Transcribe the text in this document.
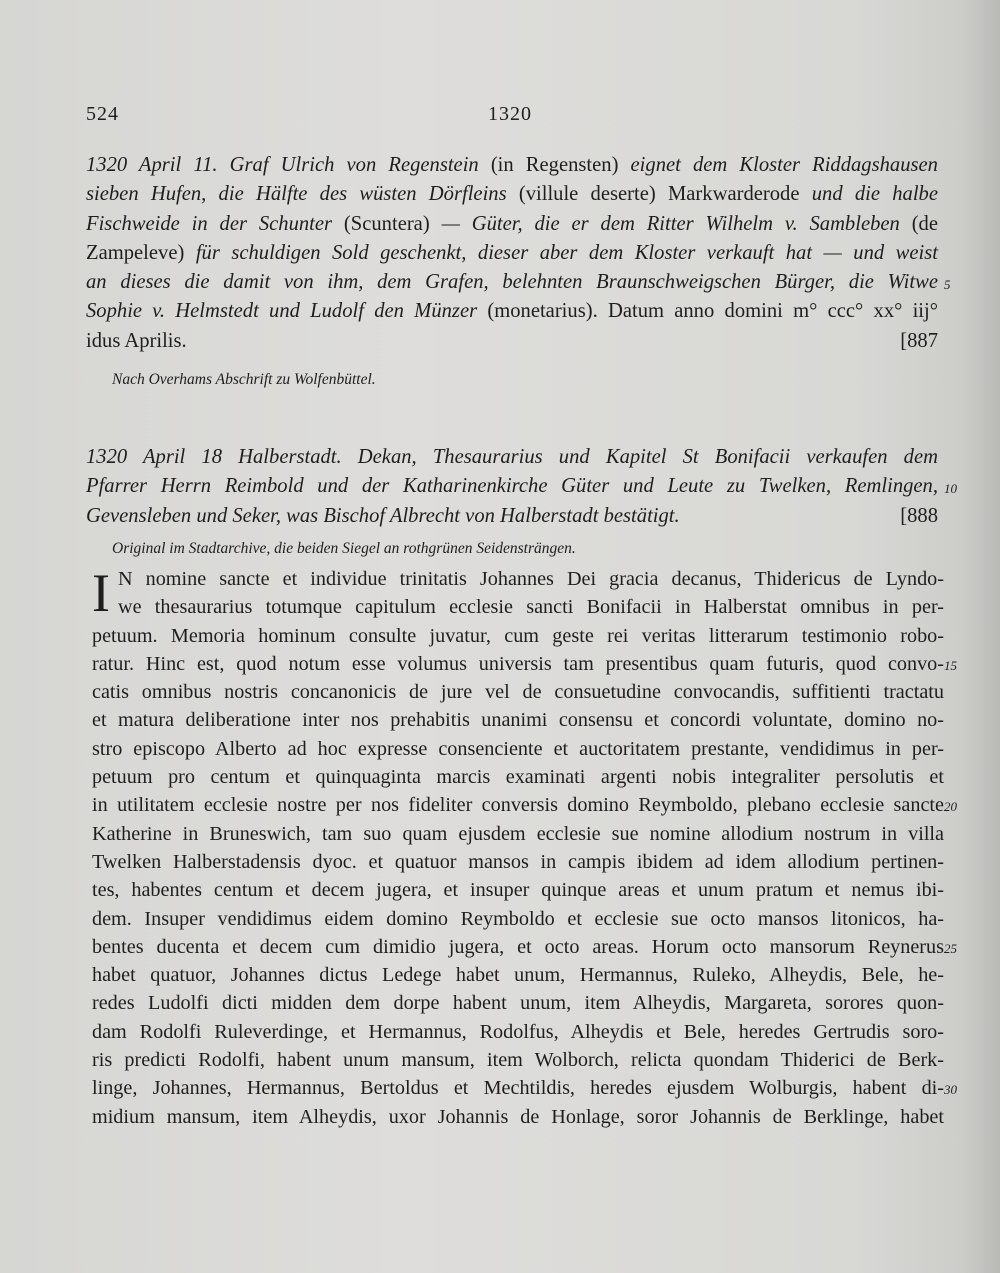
524	1320
1320 April 11. Graf Ulrich von Regenstein (in Regensten) eignet dem Kloster Riddagshausen
sieben Hufen, die Hälfte des wüsten Dörfleins (villule deserte) Markwarderode und die halbe
Fischweide in der Schunter (Scuntera) — Güter, die er dem Ritter Wilhelm v. Sambleben (de
Zampeleve) für schuldigen Sold geschenkt, dieser aber dem Kloster verkauft hat — und weist
an dieses die damit von ihm, dem Grafen, belehnten Braunschweigschen Bürger, die Witwe 5
Sophie v. Helmstedt und Ludolf den Münzer (monetarius). Datum anno domini m° ccc° xx° iij°
idus Aprilis.	[887
Nach Overhams Abschrift zu Wolfenbüttel.
1320 April 18 Halberstadt. Dekan, Thesaurarius und Kapitel St Bonifacii verkaufen dem
Pfarrer Herrn Reimbold und der Katharinenkirche Güter und Leute zu Twelken, Remlingen, 10
Gevensleben und Seker, was Bischof Albrecht von Halberstadt bestätigt.	[888
Original im Stadtarchive, die beiden Siegel an rothgrünen Seidensträngen.
I N nomine sancte et individue trinitatis Johannes Dei gracia decanus, Thidericus de Lyndo-
we thesaurarius totumque capitulum ecclesie sancti Bonifacii in Halberstat omnibus in per-
petuum. Memoria hominum consulte juvatur, cum geste rei veritas litterarum testimonio robo-
ratur. Hinc est, quod notum esse volumus universis tam presentibus quam futuris, quod convo- 15
catis omnibus nostris concanonicis de jure vel de consuetudine convocandis, suffitienti tractatu
et matura deliberatione inter nos prehabitis unanimi consensu et concordi voluntate, domino no-
stro episcopo Alberto ad hoc expresse consenciente et auctoritatem prestante, vendidimus in per-
petuum pro centum et quinquaginta marcis examinati argenti nobis integraliter persolutis et
in utilitatem ecclesie nostre per nos fideliter conversis domino Reymboldo, plebano ecclesie sancte 20
Katherine in Bruneswich, tam suo quam ejusdem ecclesie sue nomine allodium nostrum in villa
Twelken Halberstadensis dyoc. et quatuor mansos in campis ibidem ad idem allodium pertinen-
tes, habentes centum et decem jugera, et insuper quinque areas et unum pratum et nemus ibi-
dem. Insuper vendidimus eidem domino Reymboldo et ecclesie sue octo mansos litonicos, ha-
bentes ducenta et decem cum dimidio jugera, et octo areas. Horum octo mansorum Reynerus 25
habet quatuor, Johannes dictus Ledege habet unum, Hermannus, Ruleko, Alheydis, Bele, he-
redes Ludolfi dicti midden dem dorpe habent unum, item Alheydis, Margareta, sorores quon-
dam Rodolfi Ruleverdinge, et Hermannus, Rodolfus, Alheydis et Bele, heredes Gertrudis soro-
ris predicti Rodolfi, habent unum mansum, item Wolborch, relicta quondam Thiderici de Berk-
linge, Johannes, Hermannus, Bertoldus et Mechtildis, heredes ejusdem Wolburgis, habent di- 30
midium mansum, item Alheydis, uxor Johannis de Honlage, soror Johannis de Berklinge, habet
